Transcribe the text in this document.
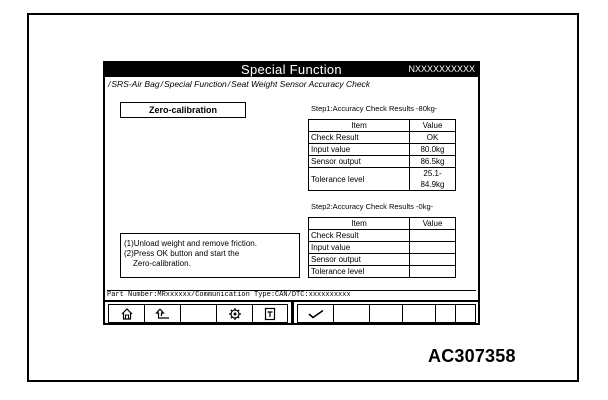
Special Function	NXXXXXXXXXX
/SRS-Air Bag/Special Function/Seat Weight Sensor Accuracy Check
Zero-calibration
(1)Unload weight and remove friction.
(2)Press OK button and start the
Zero-calibration.
Step1:Accuracy Check Results -80kg-
Item	Value
Check Result	OK
Input value	80.0kg
Sensor output	86.5kg
Tolerance level	25.1-84.9kg
Step2:Accuracy Check Results -0kg-
Item	Value
Check Result	
Input value	
Sensor output	
Tolerance level	
Part Number:MRxxxxxx/Communication Type:CAN/DTC:xxxxxxxxxx
AC307358
